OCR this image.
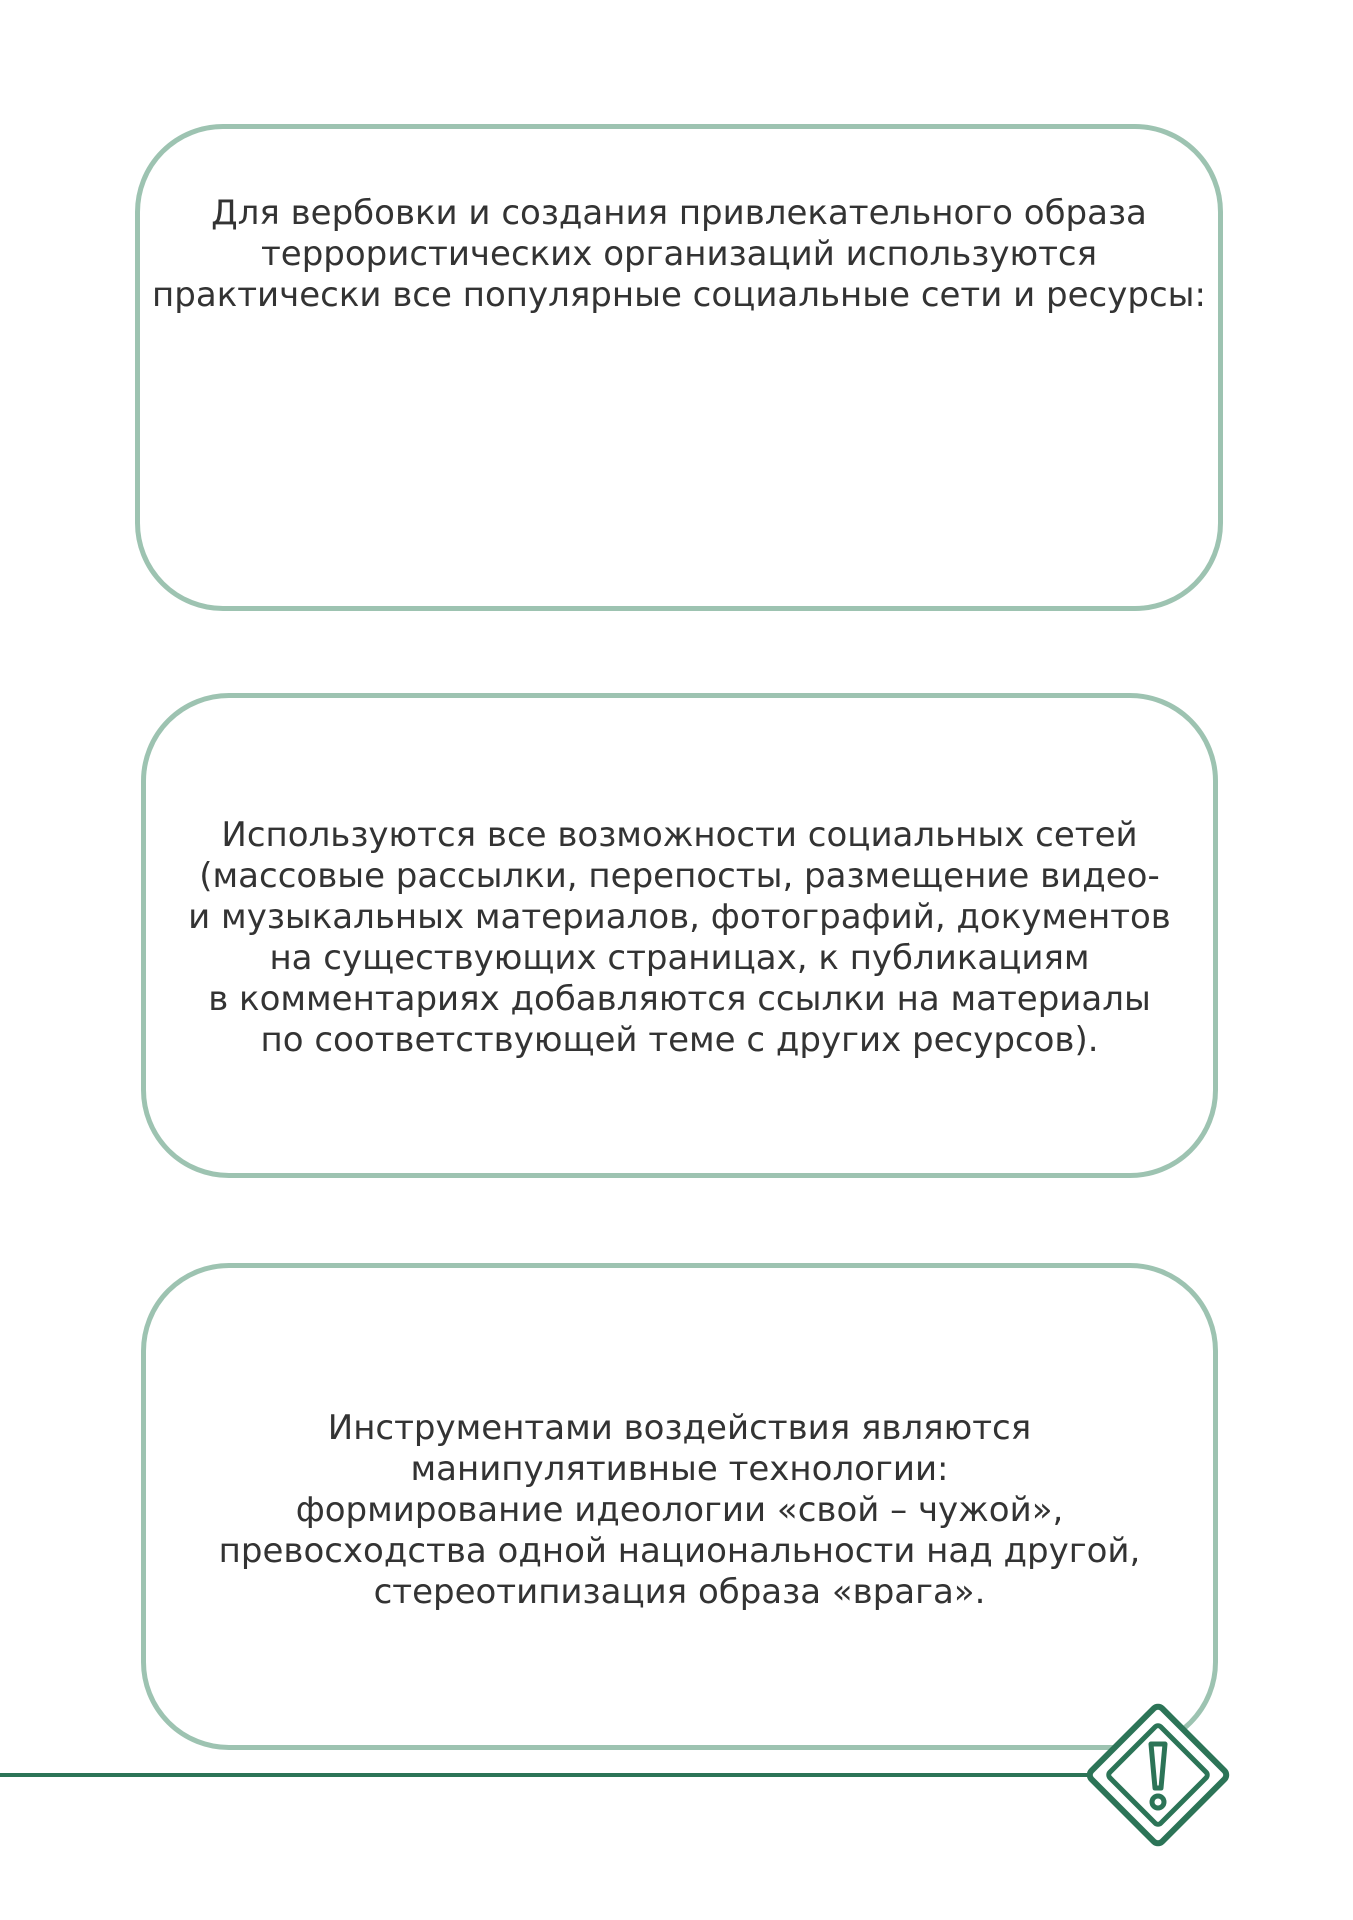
Для вербовки и создания привлекательного образа
террористических организаций используются
практически все популярные социальные сети и ресурсы:

Используются все возможности социальных сетей
(массовые рассылки, перепосты, размещение видео-
и музыкальных материалов, фотографий, документов
на существующих страницах, к публикациям
в комментариях добавляются ссылки на материалы
по соответствующей теме с других ресурсов).

Инструментами воздействия являются
манипулятивные технологии:
формирование идеологии «свой – чужой»,
превосходства одной национальности над другой,
стереотипизация образа «врага».
